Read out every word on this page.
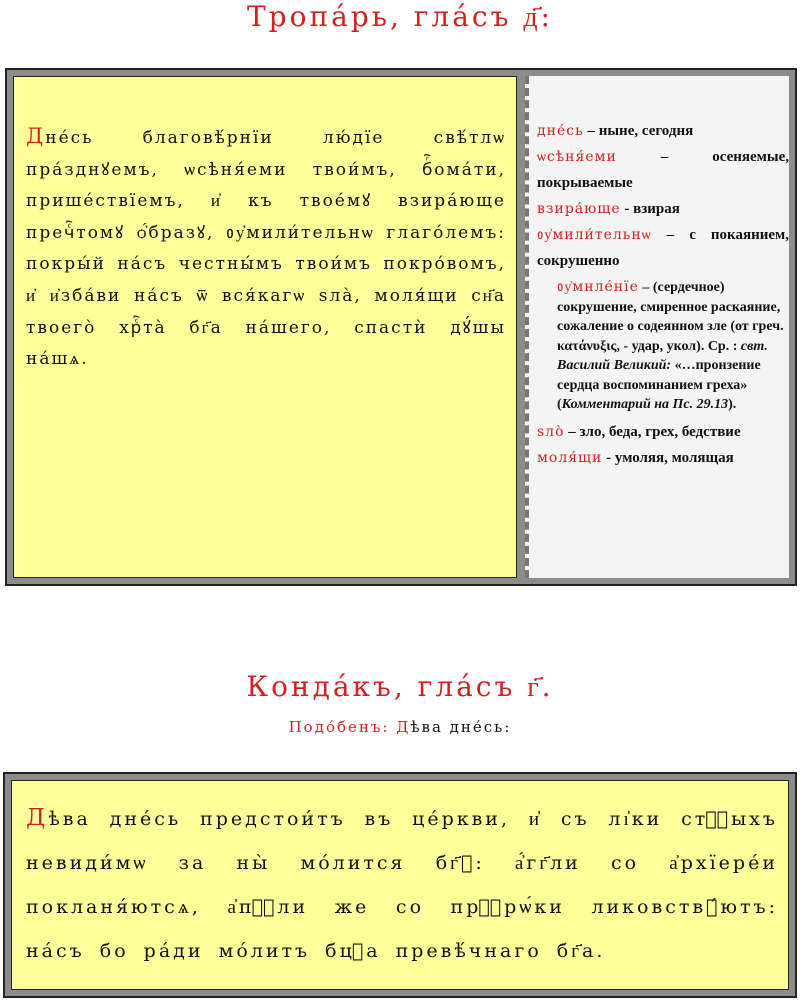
Тропа́рь, гла́съ д҃:

Дне́сь благовѣ́рнїи лю́дїе свѣ́тлѡ пра́зднꙋемъ, ѡсѣня́еми твои́мъ, бⷢ҇ома́ти, прише́ствїемъ, и҆ къ твое́мꙋ взира́юще пречⷭ҇томꙋ ѻ҆́бразꙋ, ᲂу҆мили́тельнѡ глаго́лемъ: покры́й на́съ честны́мъ твои́мъ покро́вомъ, и҆ и҆зба́ви на́съ ѿ вся́кагѡ ѕла̀, моля́щи сн҃а твоего̀ хрⷭ҇та̀ бг҃а на́шего, спастѝ дꙋ́шы на́шѧ.

дне́сь – ныне, сегодня

ѡсѣня́еми – осеняемые, покрываемые

взира́юще - взирая

ᲂу҆мили́тельнѡ – с покаянием, сокрушенно

ᲂу҆мнле́нїе – (сердечное) сокрушение, смиренное раскаяние, сожаление о содеянном зле (от греч. κατάνυξις, - удар, укол). Ср. : свт. Василий Великий: «…пронзение сердца воспоминанием греха» (Комментарий на Пс. 29.13).

ѕло̀ – зло, беда, грех, бедствие

моля́щи - умоляя, молящая

Конда́къ, гла́съ г҃.
Подо́бенъ: Дѣва дне́сь:

Дѣва дне́сь предстои́тъ въ це́ркви, и҆ съ лı҆ки стⷯ҇ыхъ невиди́мѡ за ны̀ мо́лится бг҃ꙋ: а҆́гг҃ли со а҆рхїере́и покланя́ютсѧ, а҆пⷭ҇ли же со прⷪ҇рѡ́ки ликовствꙋ́ютъ: на́съ бо ра́ди мо́литъ бцⷣа превѣ́чнаго бг҃а.
